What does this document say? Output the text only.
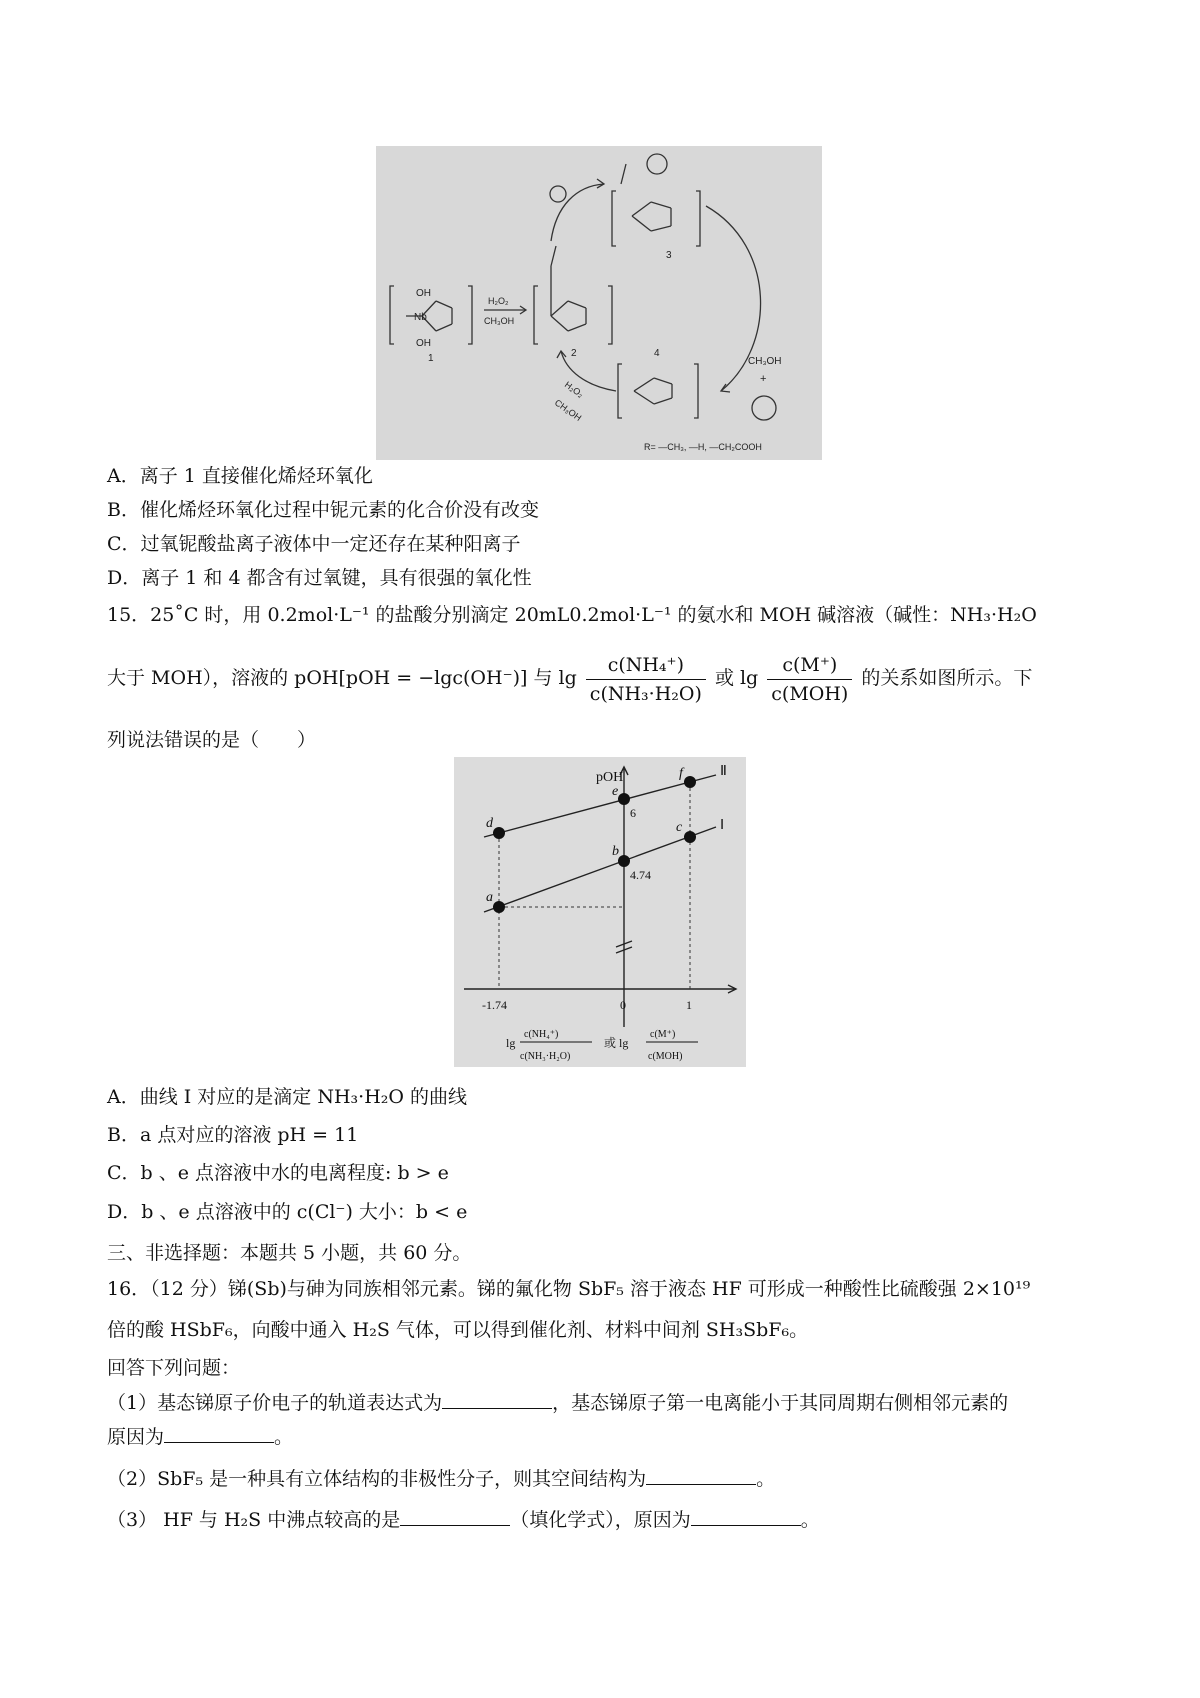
OH
OH
Nb
1
H₂O₂
CH₃OH
2
3
4
H₂O₂
CH₃OH
CH₃OH
+
R= —CH₃, —H, —CH₂COOH
A．离子 1 直接催化烯烃环氧化
B．催化烯烃环氧化过程中铌元素的化合价没有改变
C．过氧铌酸盐离子液体中一定还存在某种阳离子
D．离子 1 和 4 都含有过氧键，具有很强的氧化性
15．25˚C 时，用 0.2mol·L⁻¹ 的盐酸分别滴定 20mL0.2mol·L⁻¹ 的氨水和 MOH 碱溶液（碱性：NH₃·H₂O
大于 MOH），溶液的 pOH[pOH = −lgc(OH⁻)] 与 $\lg \frac{\text{c(NH₄⁺)}}{\text{c(NH₃·H₂O)}}$ 或 $\lg \frac{c(M^+)}{\text{c(MOH)}}$ 的关系如图所示。下
列说法错误的是（　　）
pOH	Ⅱ
Ⅰ
d
e
f
a
b
c
6
4.74
-1.74	0	1
lg
c(NH₄⁺)
c(NH₃·H₂O)
或 lg
c(M⁺)
c(MOH)
A．曲线 I 对应的是滴定 NH₃·H₂O 的曲线
B．a 点对应的溶液 pH = 11
C．b 、e 点溶液中水的电离程度: b > e
D．b 、e 点溶液中的 c(Cl⁻) 大小：b < e
三、非选择题：本题共 5 小题，共 60 分。
16．（12 分）锑(Sb)与砷为同族相邻元素。锑的氟化物 SbF₅ 溶于液态 HF 可形成一种酸性比硫酸强 2×10¹⁹
倍的酸 HSbF₆，向酸中通入 H₂S 气体，可以得到催化剂、材料中间剂 SH₃SbF₆。
回答下列问题：
（1）基态锑原子价电子的轨道表达式为	，基态锑原子第一电离能小于其同周期右侧相邻元素的
原因为	。
（2）SbF₅ 是一种具有立体结构的非极性分子，则其空间结构为	。
（3） HF 与 H₂S 中沸点较高的是	（填化学式），原因为	。
